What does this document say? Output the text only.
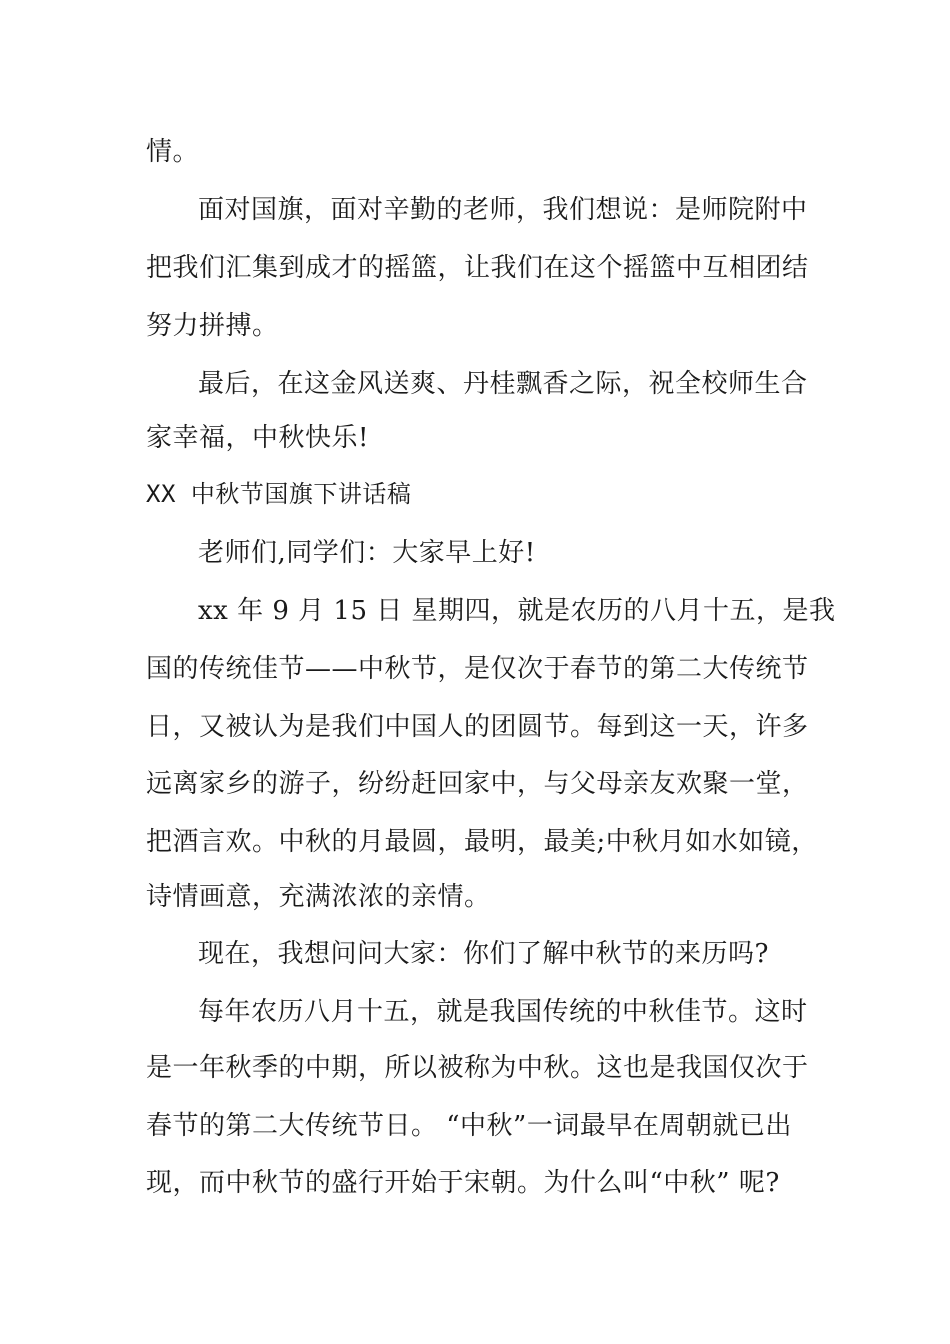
情。
面对国旗，面对辛勤的老师，我们想说：是师院附中
把我们汇集到成才的摇篮，让我们在这个摇篮中互相团结
努力拼搏。
最后，在这金风送爽、丹桂飘香之际，祝全校师生合
家幸福，中秋快乐!
XX 中秋节国旗下讲话稿
老师们,同学们：大家早上好!
xx 年 9 月 15 日 星期四，就是农历的八月十五，是我
国的传统佳节——中秋节，是仅次于春节的第二大传统节
日，又被认为是我们中国人的团圆节。每到这一天，许多
远离家乡的游子，纷纷赶回家中，与父母亲友欢聚一堂，
把酒言欢。中秋的月最圆，最明，最美;中秋月如水如镜，
诗情画意，充满浓浓的亲情。
现在，我想问问大家：你们了解中秋节的来历吗?
每年农历八月十五，就是我国传统的中秋佳节。这时
是一年秋季的中期，所以被称为中秋。这也是我国仅次于
春节的第二大传统节日。 “中秋”一词最早在周朝就已出
现，而中秋节的盛行开始于宋朝。为什么叫“中秋” 呢?
